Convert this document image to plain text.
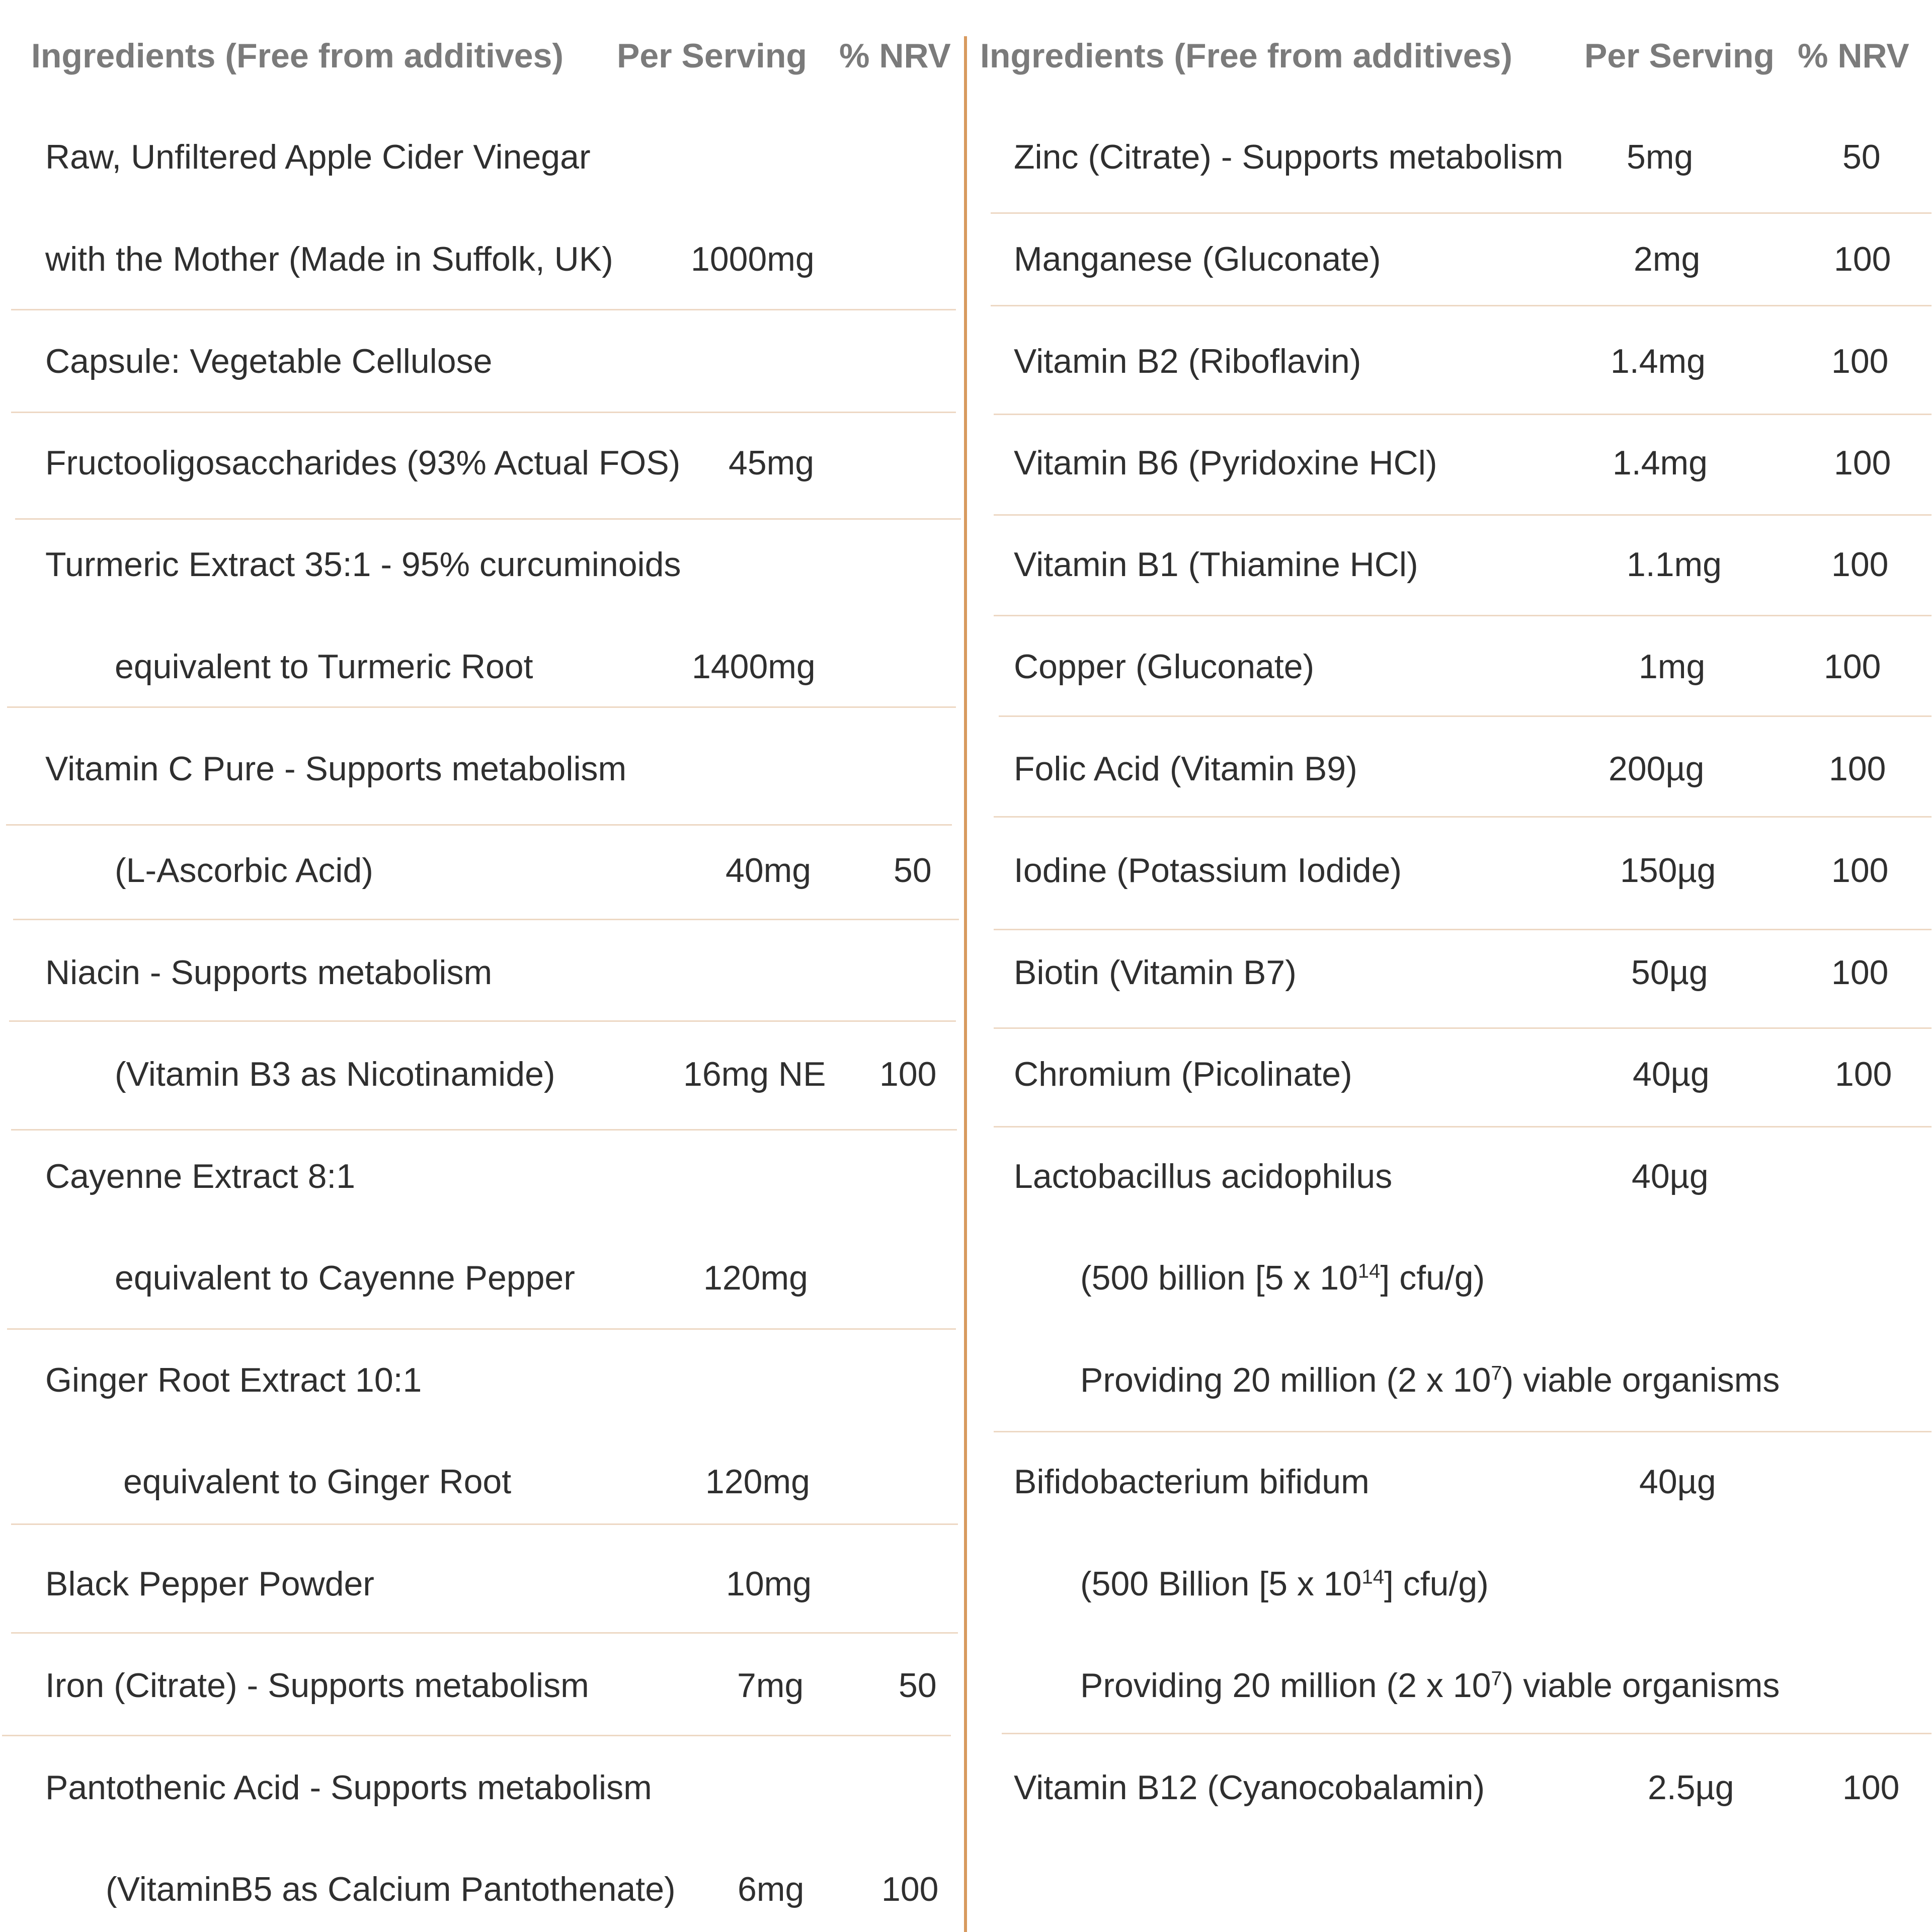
Ingredients (Free from additives) Per Serving % NRV
Raw, Unfiltered Apple Cider Vinegar
with the Mother (Made in Suffolk, UK) 1000mg
Capsule: Vegetable Cellulose
Fructooligosaccharides (93% Actual FOS) 45mg
Turmeric Extract 35:1 - 95% curcuminoids
equivalent to Turmeric Root	1400mg
Vitamin C Pure - Supports metabolism
(L-Ascorbic Acid)	40mg 50
Niacin - Supports metabolism
(Vitamin B3 as Nicotinamide)	16mg NE 100
Cayenne Extract 8:1
equivalent to Cayenne Pepper	120mg
Ginger Root Extract 10:1
equivalent to Ginger Root	120mg
Black Pepper Powder	10mg
Iron (Citrate) - Supports metabolism	7mg	50
Pantothenic Acid - Supports metabolism
(VitaminB5 as Calcium Pantothenate) 6mg 100
Ingredients (Free from additives) Per Serving % NRV
Zinc (Citrate) - Supports metabolism 5mg	50
Manganese (Gluconate)	2mg	100
Vitamin B2 (Riboflavin)	1.4mg	100
Vitamin B6 (Pyridoxine HCl)	1.4mg	100
Vitamin B1 (Thiamine HCl)	1.1mg	100
Copper (Gluconate)	1mg	100
Folic Acid (Vitamin B9)	200µg	100
Iodine (Potassium Iodide)	150µg	100
Biotin (Vitamin B7)	50µg	100
Chromium (Picolinate)	40µg	100
Lactobacillus acidophilus	40µg
(500 billion [5 x $10^{14}$] cfu/g)
Providing 20 million (2 x $10^7$) viable organisms
Bifidobacterium bifidum	40µg
(500 Billion [5 x $10^{14}$] cfu/g)
Providing 20 million (2 x $10^7$) viable organisms
Vitamin B12 (Cyanocobalamin)	2.5µg	100
